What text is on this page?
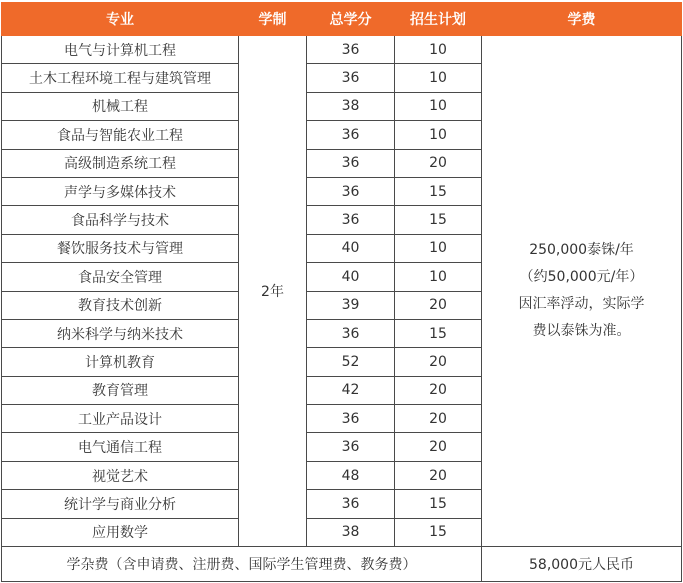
专业	学制	总学分	招生计划	学费
电气与计算机工程	2年	36	10	250,000泰铢/年
（约50,000元/年）
因汇率浮动，实际学
费以泰铢为准。

土木工程环境工程与建筑管理		36	10	
机械工程		38	10	
食品与智能农业工程		36	10	
高级制造系统工程		36	20	
声学与多媒体技术		36	15	
食品科学与技术		36	15	
餐饮服务技术与管理		40	10	
食品安全管理		40	10	
教育技术创新		39	20	
纳米科学与纳米技术		36	15	
计算机教育		52	20	
教育管理		42	20	
工业产品设计		36	20	
电气通信工程		36	20	
视觉艺术		48	20	
统计学与商业分析		36	15	
应用数学		38	15	
学杂费（含申请费、注册费、国际学生管理费、教务费）				58,000元人民币
